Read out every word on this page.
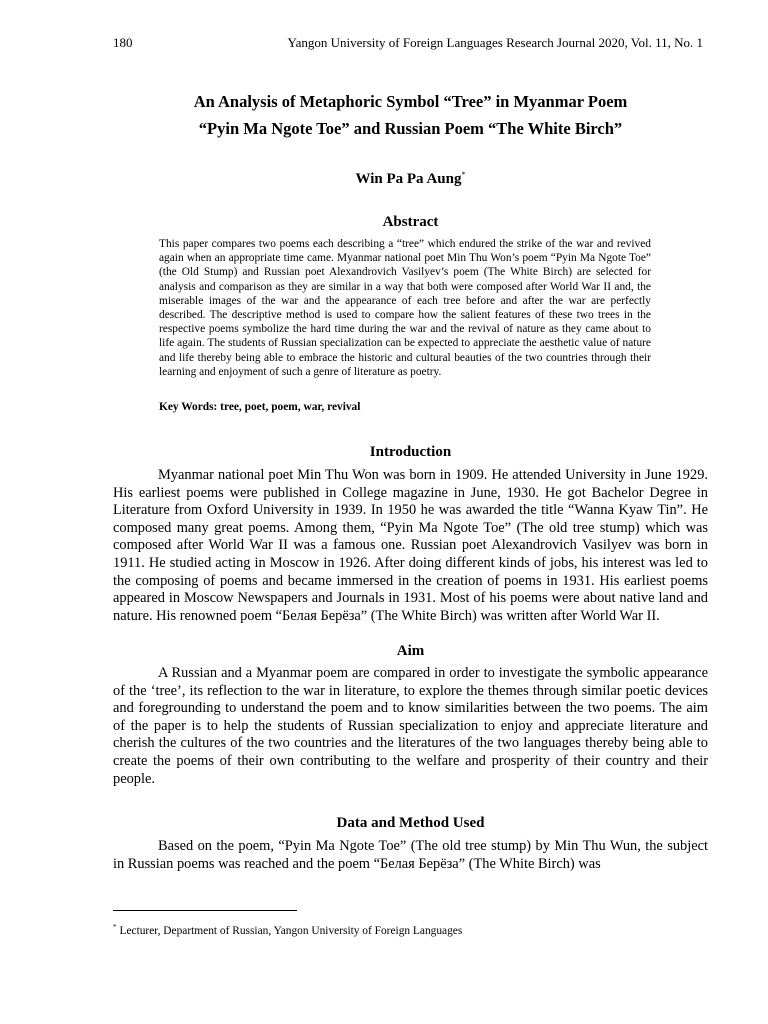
180	Yangon University of Foreign Languages Research Journal 2020, Vol. 11, No. 1
An Analysis of Metaphoric Symbol “Tree” in Myanmar Poem
“Pyin Ma Ngote Toe” and Russian Poem “The White Birch”
Win Pa Pa Aung*
Abstract
This paper compares two poems each describing a “tree” which endured the strike of the war and revived again when an appropriate time came. Myanmar national poet Min Thu Won’s poem “Pyin Ma Ngote Toe” (the Old Stump) and Russian poet Alexandrovich Vasilyev’s poem (The White Birch) are selected for analysis and comparison as they are similar in a way that both were composed after World War II and, the miserable images of the war and the appearance of each tree before and after the war are perfectly described. The descriptive method is used to compare how the salient features of these two trees in the respective poems symbolize the hard time during the war and the revival of nature as they came about to life again. The students of Russian specialization can be expected to appreciate the aesthetic value of nature and life thereby being able to embrace the historic and cultural beauties of the two countries through their learning and enjoyment of such a genre of literature as poetry.
Key Words: tree, poet, poem, war, revival
Introduction
Myanmar national poet Min Thu Won was born in 1909. He attended University in June 1929. His earliest poems were published in College magazine in June, 1930. He got Bachelor Degree in Literature from Oxford University in 1939. In 1950 he was awarded the title “Wanna Kyaw Tin”. He composed many great poems. Among them, “Pyin Ma Ngote Toe” (The old tree stump) which was composed after World War II was a famous one. Russian poet Alexandrovich Vasilyev was born in 1911. He studied acting in Moscow in 1926. After doing different kinds of jobs, his interest was led to the composing of poems and became immersed in the creation of poems in 1931. His earliest poems appeared in Moscow Newspapers and Journals in 1931. Most of his poems were about native land and nature. His renowned poem “Белая Берёза” (The White Birch) was written after World War II.
Aim
A Russian and a Myanmar poem are compared in order to investigate the symbolic appearance of the ‘tree’, its reflection to the war in literature, to explore the themes through similar poetic devices and foregrounding to understand the poem and to know similarities between the two poems. The aim of the paper is to help the students of Russian specialization to enjoy and appreciate literature and cherish the cultures of the two countries and the literatures of the two languages thereby being able to create the poems of their own contributing to the welfare and prosperity of their country and their people.
Data and Method Used
Based on the poem, “Pyin Ma Ngote Toe” (The old tree stump) by Min Thu Wun, the subject in Russian poems was reached and the poem “Белая Берёза” (The White Birch) was
* Lecturer, Department of Russian, Yangon University of Foreign Languages
